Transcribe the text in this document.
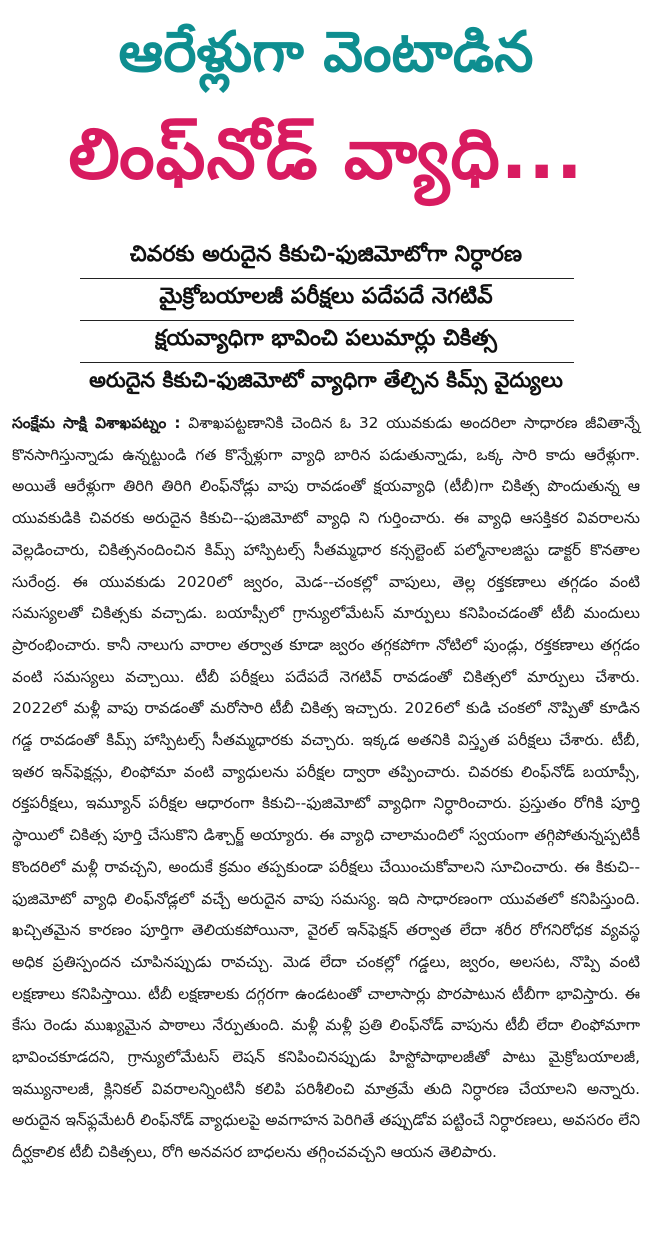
ఆరేళ్లుగా వెంటాడిన
లింఫ్‌నోడ్ వ్యాధి...
చివరకు అరుదైన కికుచి-ఫుజిమోటోగా నిర్ధారణ
మైక్రోబయాలజీ పరీక్షలు పదేపదే నెగటివ్
క్షయవ్యాధిగా భావించి పలుమార్లు చికిత్స
అరుదైన కికుచి-ఫుజిమోటో వ్యాధిగా తేల్చిన కిమ్స్ వైద్యులు

సంక్షేమ సాక్షి విశాఖపట్నం : విశాఖపట్టణానికి చెందిన ఓ 32 యువకుడు అందరిలా సాధారణ జీవితాన్నే కొనసాగిస్తున్నాడు ఉన్నట్టుండి గత కొన్నేళ్లుగా వ్యాధి బారిన పడుతున్నాడు, ఒక్క సారి కాదు ఆరేళ్లుగా. అయితే ఆరేళ్లుగా తిరిగి తిరిగి లింఫ్‌నోడ్లు వాపు రావడంతో క్షయవ్యాధి (టీబీ)గా చికిత్స పొందుతున్న ఆ యువకుడికి చివరకు అరుదైన కికుచి--ఫుజిమోటో వ్యాధి ని గుర్తించారు. ఈ వ్యాధి ఆసక్తికర వివరాలను వెల్లడించారు, చికిత్సనందించిన కిమ్స్ హాస్పిటల్స్ సీతమ్మధార కన్సల్టెంట్ పల్మోనాలజిస్టు డాక్టర్ కొనతాల సురేంద్ర. ఈ యువకుడు 2020లో జ్వరం, మెడ--చంకల్లో వాపులు, తెల్ల రక్తకణాలు తగ్గడం వంటి సమస్యలతో చికిత్సకు వచ్చాడు. బయాప్సీలో గ్రాన్యులోమేటస్ మార్పులు కనిపించడంతో టీబీ మందులు ప్రారంభించారు. కానీ నాలుగు వారాల తర్వాత కూడా జ్వరం తగ్గకపోగా నోటిలో పుండ్లు, రక్తకణాలు తగ్గడం వంటి సమస్యలు వచ్చాయి. టీబీ పరీక్షలు పదేపదే నెగటివ్ రావడంతో చికిత్సలో మార్పులు చేశారు. 2022లో మళ్లీ వాపు రావడంతో మరోసారి టీబీ చికిత్స ఇచ్చారు. 2026లో కుడి చంకలో నొప్పితో కూడిన గడ్డ రావడంతో కిమ్స్ హాస్పిటల్స్ సీతమ్మధారకు వచ్చారు. ఇక్కడ అతనికి విస్తృత పరీక్షలు చేశారు. టీబీ, ఇతర ఇన్‌ఫెక్షన్లు, లింఫోమా వంటి వ్యాధులను పరీక్షల ద్వారా తప్పించారు. చివరకు లింఫ్‌నోడ్ బయాప్సీ, రక్తపరీక్షలు, ఇమ్యూన్ పరీక్షల ఆధారంగా కికుచి--ఫుజిమోటో వ్యాధిగా నిర్ధారించారు. ప్రస్తుతం రోగికి పూర్తి స్థాయిలో చికిత్స పూర్తి చేసుకొని డిశ్చార్జ్ అయ్యారు. ఈ వ్యాధి చాలామందిలో స్వయంగా తగ్గిపోతున్నప్పటికీ కొందరిలో మళ్లీ రావచ్చని, అందుకే క్రమం తప్పకుండా పరీక్షలు చేయించుకోవాలని సూచించారు. ఈ కికుచి--ఫుజిమోటో వ్యాధి లింఫ్‌నోడ్లలో వచ్చే అరుదైన వాపు సమస్య. ఇది సాధారణంగా యువతలో కనిపిస్తుంది. ఖచ్చితమైన కారణం పూర్తిగా తెలియకపోయినా, వైరల్ ఇన్‌ఫెక్షన్ తర్వాత లేదా శరీర రోగనిరోధక వ్యవస్థ అధిక ప్రతిస్పందన చూపినప్పుడు రావచ్చు. మెడ లేదా చంకల్లో గడ్డలు, జ్వరం, అలసట, నొప్పి వంటి లక్షణాలు కనిపిస్తాయి. టీబీ లక్షణాలకు దగ్గరగా ఉండటంతో చాలాసార్లు పొరపాటున టీబీగా భావిస్తారు. ఈ కేసు రెండు ముఖ్యమైన పాఠాలు నేర్పుతుంది. మళ్లీ మళ్లీ ప్రతి లింఫ్‌నోడ్ వాపును టీబీ లేదా లింఫోమాగా భావించకూడదని, గ్రాన్యులోమేటస్ లెషన్ కనిపించినప్పుడు హిస్టోపాథాలజీతో పాటు మైక్రోబయాలజీ, ఇమ్యునాలజీ, క్లినికల్ వివరాలన్నింటినీ కలిపి పరిశీలించి మాత్రమే తుది నిర్ధారణ చేయాలని అన్నారు. అరుదైన ఇన్‌ఫ్లమేటరీ లింఫ్‌నోడ్ వ్యాధులపై అవగాహన పెరిగితే తప్పుడోవ పట్టించే నిర్ధారణలు, అవసరం లేని దీర్ఘకాలిక టీబీ చికిత్సలు, రోగి అనవసర బాధలను తగ్గించవచ్చని ఆయన తెలిపారు.
